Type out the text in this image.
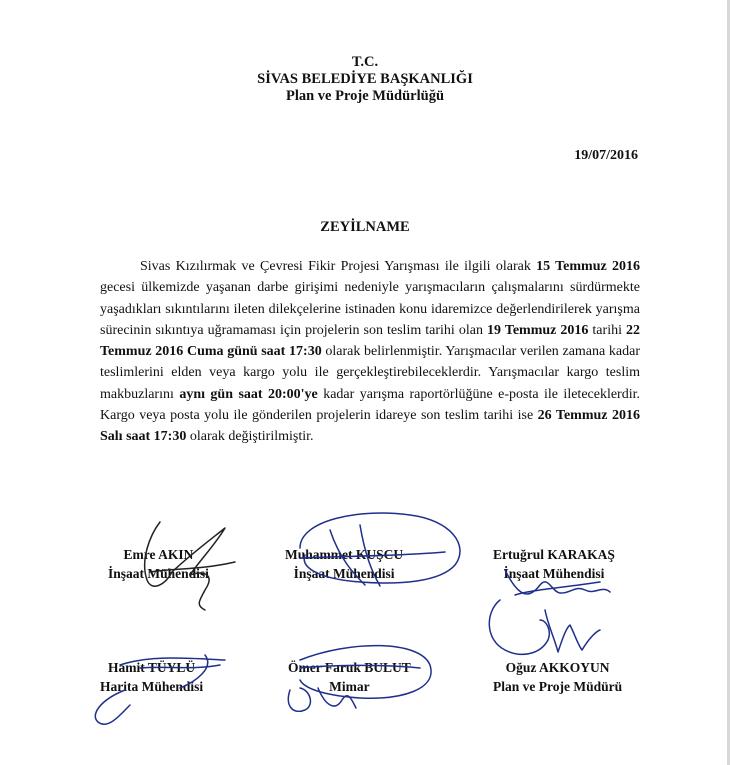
T.C.
SİVAS BELEDİYE BAŞKANLIĞI
Plan ve Proje Müdürlüğü
19/07/2016
ZEYİLNAME

Sivas Kızılırmak ve Çevresi Fikir Projesi Yarışması ile ilgili olarak 15 Temmuz 2016 gecesi ülkemizde yaşanan darbe girişimi nedeniyle yarışmacıların çalışmalarını sürdürmekte yaşadıkları sıkıntılarını ileten dilekçelerine istinaden konu idaremizce değerlendirilerek yarışma sürecinin sıkıntıya uğramaması için projelerin son teslim tarihi olan 19 Temmuz 2016 tarihi 22 Temmuz 2016 Cuma günü saat 17:30 olarak belirlenmiştir. Yarışmacılar verilen zamana kadar teslimlerini elden veya kargo yolu ile gerçekleştirebileceklerdir. Yarışmacılar kargo teslim makbuzlarını aynı gün saat 20:00'ye kadar yarışma raportörlüğüne e-posta ile ileteceklerdir. Kargo veya posta yolu ile gönderilen projelerin idareye son teslim tarihi ise 26 Temmuz 2016 Salı saat 17:30 olarak değiştirilmiştir.

Emre AKIN
İnşaat Mühendisi
Muhammet KUŞCU
İnşaat Mühendisi
Ertuğrul KARAKAŞ
İnşaat Mühendisi
Hamit TÜYLÜ
Harita Mühendisi
Ömer Faruk BULUT
Mimar
Oğuz AKKOYUN
Plan ve Proje Müdürü
